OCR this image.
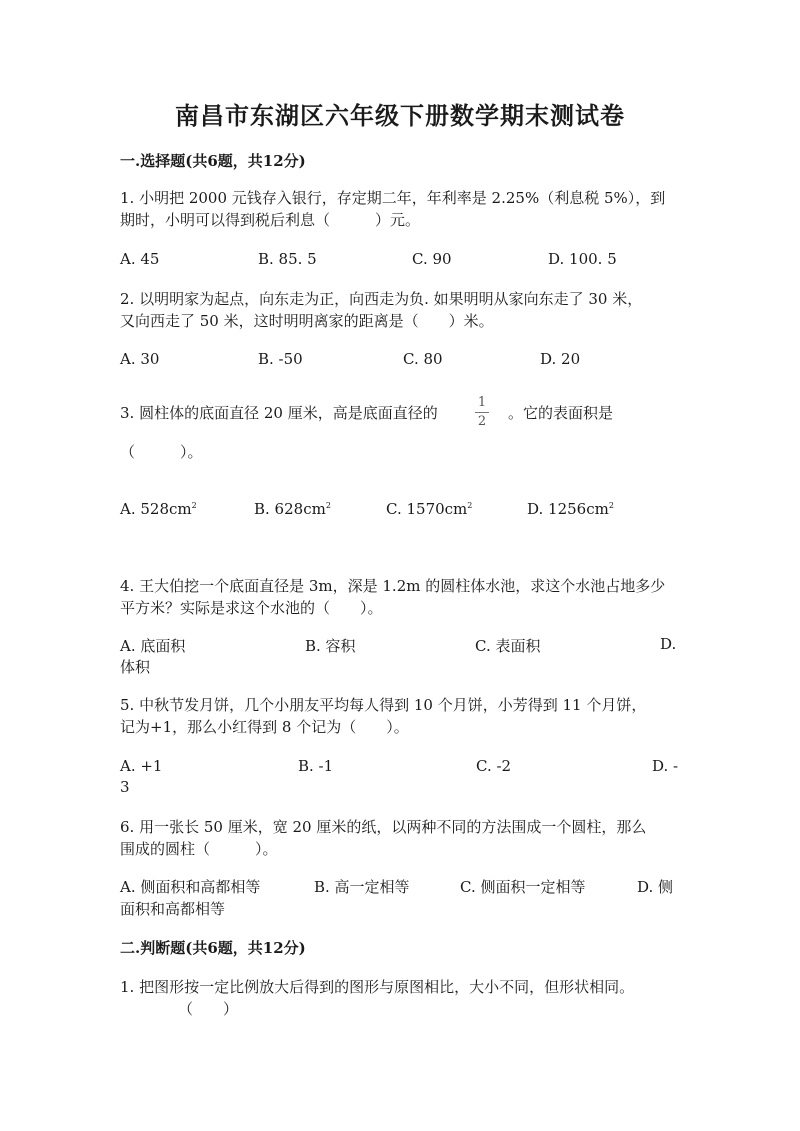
南昌市东湖区六年级下册数学期末测试卷
一.选择题(共6题，共12分)
1. 小明把 2000 元钱存入银行，存定期二年，年利率是 2.25%（利息税 5%），到
期时，小明可以得到税后利息（　　　）元。
A. 45	B. 85. 5	C. 90	D. 100. 5
2. 以明明家为起点，向东走为正，向西走为负. 如果明明从家向东走了 30 米，
又向西走了 50 米，这时明明离家的距离是（　　）米。
A. 30	B. -50	C. 80	D. 20
3. 圆柱体的底面直径 20 厘米，高是底面直径的
1
2 。它的表面积是
（　　　）。
A. $528cm^2$	B. $628cm^2$	C. $1570cm^2$	D. $1256cm^2$
4. 王大伯挖一个底面直径是 3m，深是 1.2m 的圆柱体水池，求这个水池占地多少
平方米？实际是求这个水池的（　　）。
A. 底面积	B. 容积	C. 表面积	D.
体积
5. 中秋节发月饼，几个小朋友平均每人得到 10 个月饼，小芳得到 11 个月饼，
记为+1，那么小红得到 8 个记为（　　）。
A. +1	B. -1	C. -2	D. -
3
6. 用一张长 50 厘米，宽 20 厘米的纸，以两种不同的方法围成一个圆柱，那么
围成的圆柱（　　　）。
A. 侧面积和高都相等	B. 高一定相等	C. 侧面积一定相等	D. 侧
面积和高都相等
二.判断题(共6题，共12分)
1. 把图形按一定比例放大后得到的图形与原图相比，大小不同，但形状相同。
（　　）
